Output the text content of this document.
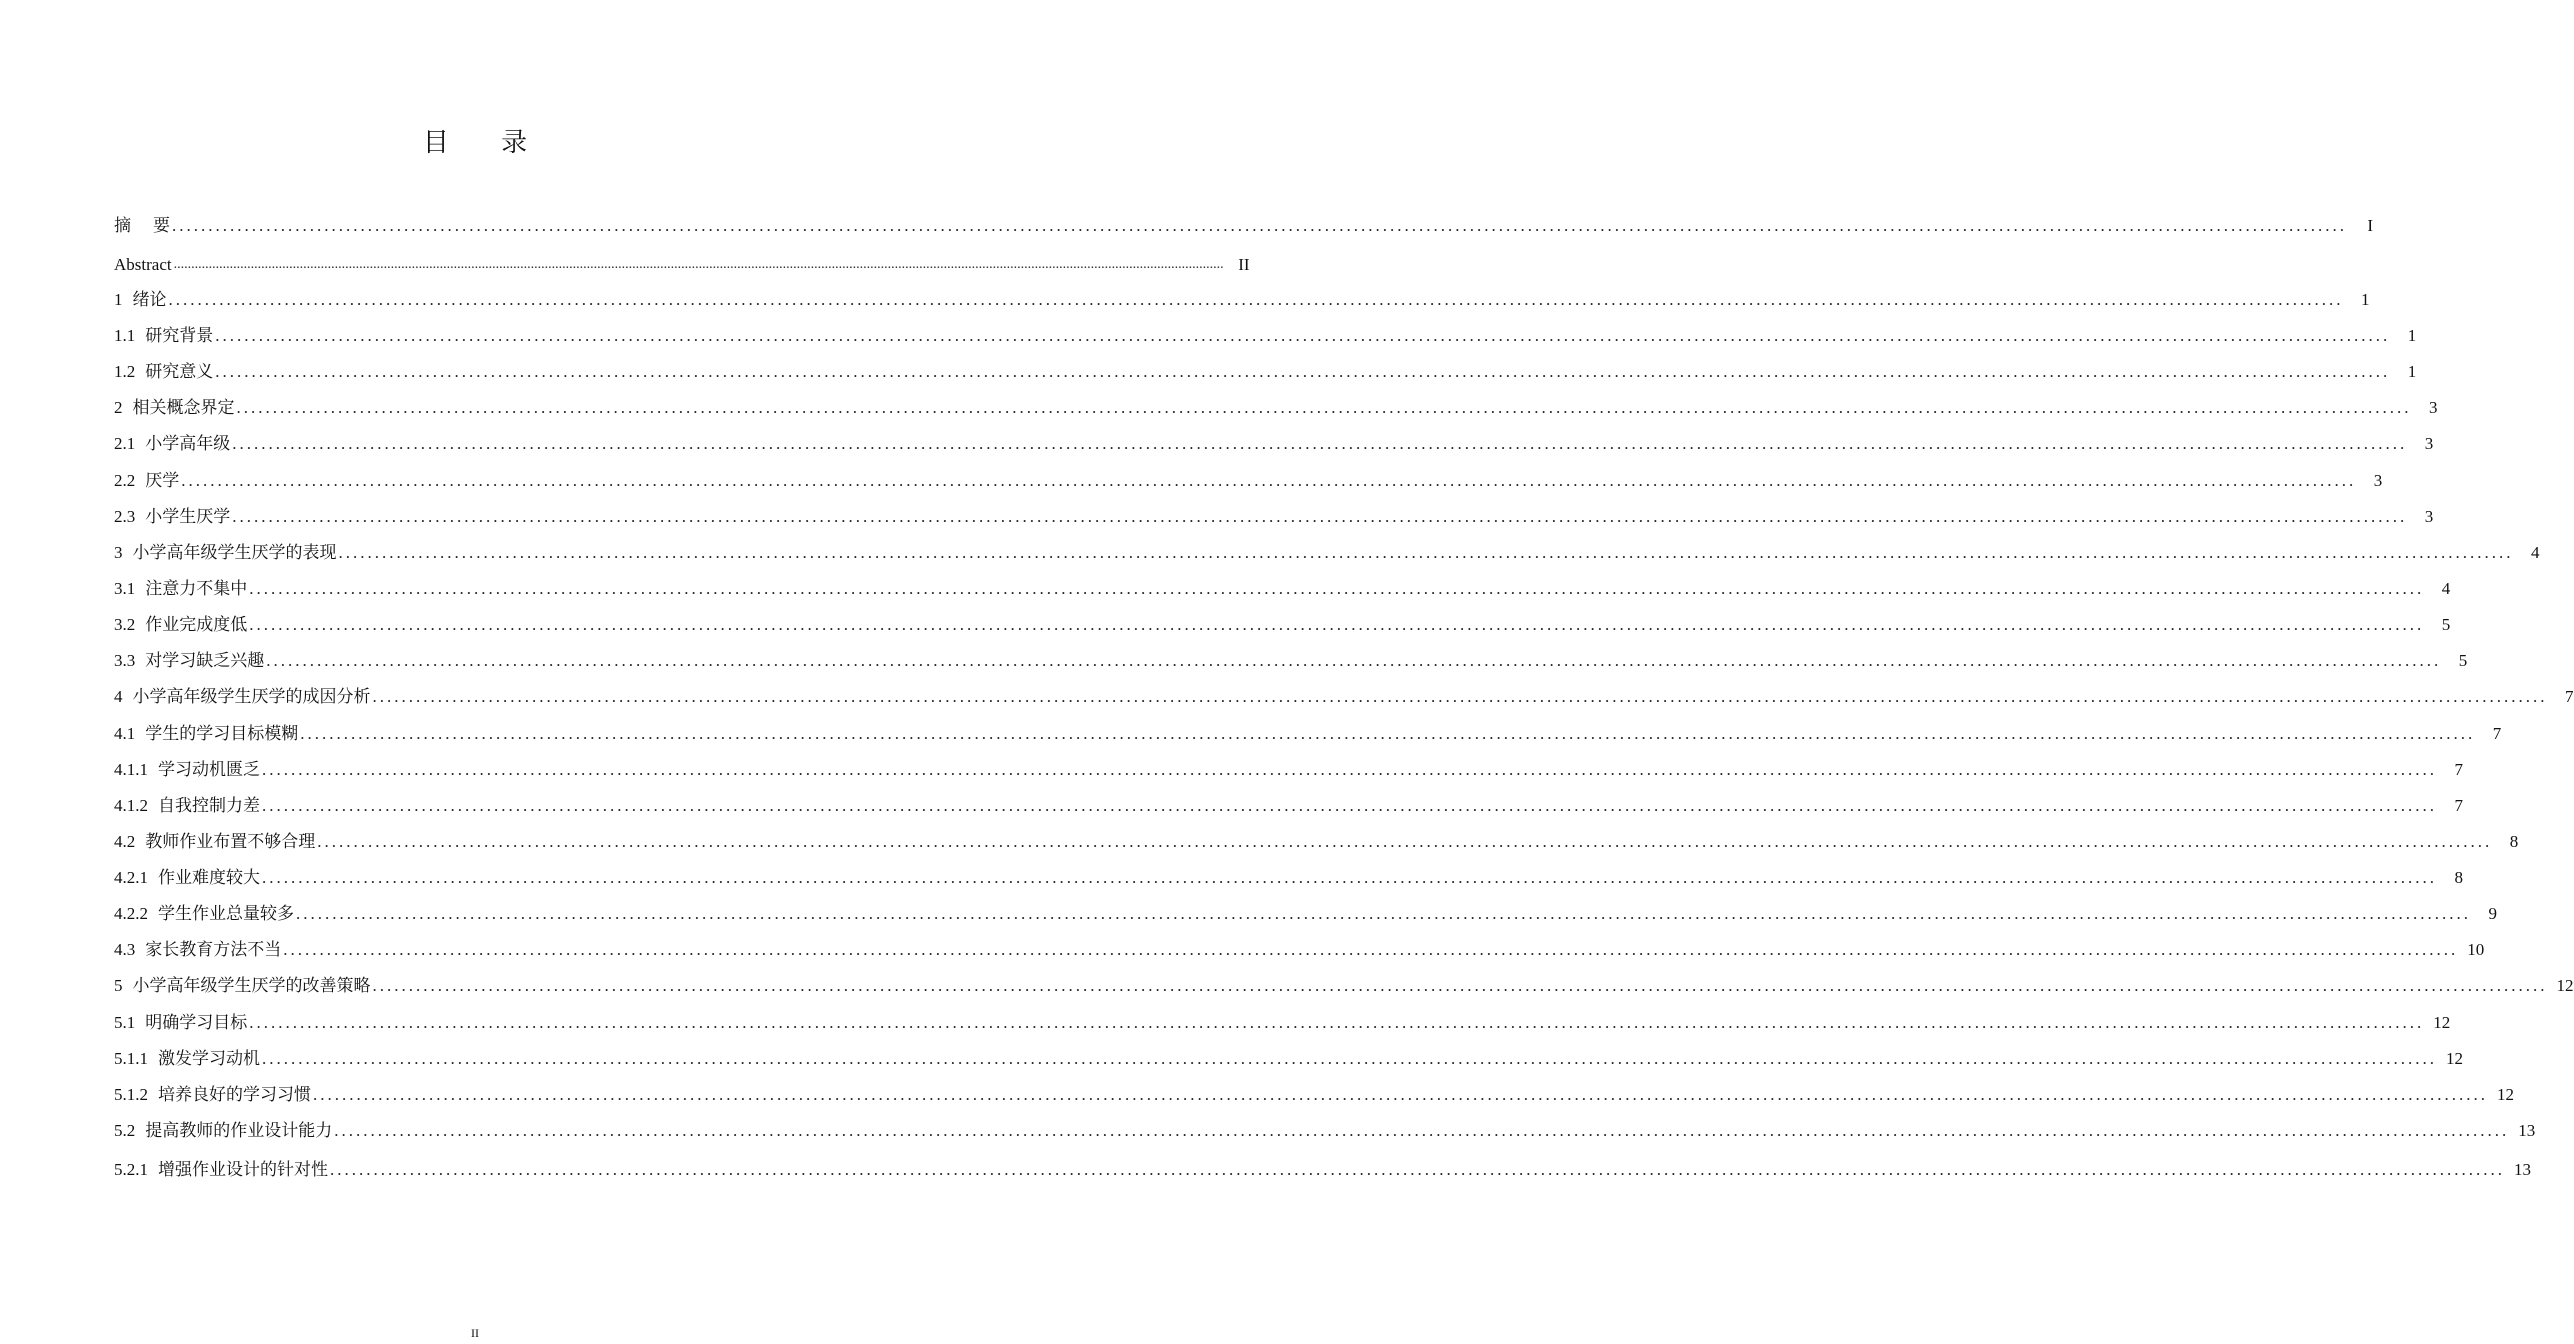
目 录
摘 要 ............................................................................................................................................................................................................................................................................................................	I
Abstract ............................................................................................................................................................................................................................................................................................................ II
1 绪论 ............................................................................................................................................................................................................................................................................................................	1
1.1 研究背景 ............................................................................................................................................................................................................................................................................................................	1
1.2 研究意义 ............................................................................................................................................................................................................................................................................................................	1
2 相关概念界定 ............................................................................................................................................................................................................................................................................................................	3
2.1 小学高年级 ............................................................................................................................................................................................................................................................................................................	3
2.2 厌学 ............................................................................................................................................................................................................................................................................................................	3
2.3 小学生厌学 ............................................................................................................................................................................................................................................................................................................	3
3 小学高年级学生厌学的表现 ............................................................................................................................................................................................................................................................................................................	4
3.1 注意力不集中 ............................................................................................................................................................................................................................................................................................................	4
3.2 作业完成度低 ............................................................................................................................................................................................................................................................................................................	5
3.3 对学习缺乏兴趣 ............................................................................................................................................................................................................................................................................................................	5
4 小学高年级学生厌学的成因分析 ............................................................................................................................................................................................................................................................................................................	7
4.1 学生的学习目标模糊 ............................................................................................................................................................................................................................................................................................................	7
4.1.1 学习动机匮乏 ............................................................................................................................................................................................................................................................................................................	7
4.1.2 自我控制力差 ............................................................................................................................................................................................................................................................................................................	7
4.2 教师作业布置不够合理 ............................................................................................................................................................................................................................................................................................................	8
4.2.1 作业难度较大 ............................................................................................................................................................................................................................................................................................................	8
4.2.2 学生作业总量较多 ............................................................................................................................................................................................................................................................................................................	9
4.3 家长教育方法不当 ............................................................................................................................................................................................................................................................................................................ 10
5 小学高年级学生厌学的改善策略 ............................................................................................................................................................................................................................................................................................................ 12
5.1 明确学习目标 ............................................................................................................................................................................................................................................................................................................ 12
5.1.1 激发学习动机 ............................................................................................................................................................................................................................................................................................................ 12
5.1.2 培养良好的学习习惯 ............................................................................................................................................................................................................................................................................................................ 12
5.2 提高教师的作业设计能力 ............................................................................................................................................................................................................................................................................................................ 13
5.2.1 增强作业设计的针对性 ............................................................................................................................................................................................................................................................................................................ 13
II
